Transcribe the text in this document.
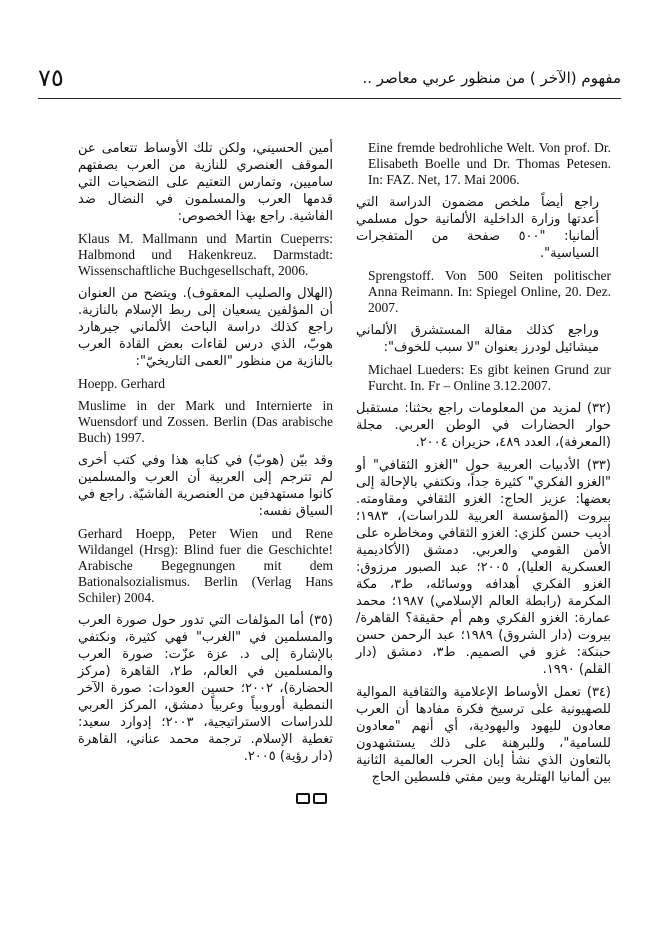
٧٥	مفهوم (الآخر ) من منظور عربي معاصر ..

Eine fremde bedrohliche Welt. Von prof. Dr. Elisabeth Boelle und Dr. Thomas Petesen. In: FAZ. Net, 17. Mai 2006.

راجع أيضاً ملخص مضمون الدراسة التي أعدتها وزارة الداخلية الألمانية حول مسلمي ألمانيا: "٥٠٠ صفحة من المتفجرات السياسية".

Sprengstoff. Von 500 Seiten politischer Anna Reimann. In: Spiegel Online, 20. Dez. 2007.

وراجع كذلك مقالة المستشرق الألماني ميشائيل لودرز بعنوان "لا سبب للخوف":

Michael Lueders: Es gibt keinen Grund zur Furcht. In. Fr – Online 3.12.2007.

(٣٢) لمزيد من المعلومات راجع بحثنا: مستقبل حوار الحضارات في الوطن العربي. مجلة (المعرفة)، العدد ٤٨٩، حزيران ٢٠٠٤.

(٣٣) الأدبيات العربية حول "الغزو الثقافي" أو "الغزو الفكري" كثيرة جداً، ونكتفي بالإحالة إلى بعضها: عزيز الحاج: الغزو الثقافي ومقاومته. بيروت (المؤسسة العربية للدراسات)، ١٩٨٣؛ أديب حسن كلزي: الغزو الثقافي ومخاطره على الأمن القومي والعربي. دمشق (الأكاديمية العسكرية العليا)، ٢٠٠٥؛ عبد الصبور مرزوق: الغزو الفكري أهدافه ووسائله، ط٣، مكة المكرمة (رابطة العالم الإسلامي) ١٩٨٧؛ محمد عمارة: الغزو الفكري وهم أم حقيقة؟ القاهرة/بيروت (دار الشروق) ١٩٨٩؛ عبد الرحمن حسن حبنكة: غزو في الصميم. ط٣، دمشق (دار القلم) ١٩٩٠.

(٣٤) تعمل الأوساط الإعلامية والثقافية الموالية للصهيونية على ترسيخ فكرة مفادها أن العرب معادون لليهود واليهودية، أي أنهم "معادون للسامية"، وللبرهنة على ذلك يستشهدون بالتعاون الذي نشأ إبان الحرب العالمية الثانية بين ألمانيا الهتلرية وبين مفتي فلسطين الحاج

أمين الحسيني، ولكن تلك الأوساط تتعامى عن الموقف العنصري للنازية من العرب بصفتهم ساميين، وتمارس التعتيم على التضحيات التي قدمها العرب والمسلمون في النضال ضد الفاشية. راجع بهذا الخصوص:

Klaus M. Mallmann und Martin Cueperrs: Halbmond und Hakenkreuz. Darmstadt: Wissenschaftliche Buchgesellschaft, 2006.

(الهلال والصليب المعقوف). ويتضح من العنوان أن المؤلفين يسعيان إلى ربط الإسلام بالنازية. راجع كذلك دراسة الباحث الألماني جيرهارد هوبّ، الذي درس لقاءات بعض القادة العرب بالنازية من منظور "العمى التاريخيّ":

Hoepp. Gerhard

Muslime in der Mark und Internierte in Wuensdorf und Zossen. Berlin (Das arabische Buch) 1997.

وقد بيّن (هوبّ) في كتابه هذا وفي كتب أخرى لم تترجم إلى العربية أن العرب والمسلمين كانوا مستهدفين من العنصرية الفاشيّة. راجع في السياق نفسه:

Gerhard Hoepp, Peter Wien und Rene Wildangel (Hrsg): Blind fuer die Geschichte! Arabische Begegnungen mit dem Bationalsozialismus. Berlin (Verlag Hans Schiler) 2004.

(٣٥) أما المؤلفات التي تدور حول صورة العرب والمسلمين في "الغرب" فهي كثيرة، ونكتفي بالإشارة إلى د. عزة عزّت: صورة العرب والمسلمين في العالم، ط٢، القاهرة (مركز الحضارة)، ٢٠٠٢؛ حسين العودات: صورة الآخر النمطية أوروبياً وعربياً دمشق، المركز العربي للدراسات الاستراتيجية، ٢٠٠٣؛ إدوارد سعيد: تغطية الإسلام. ترجمة محمد عناني، القاهرة (دار رؤية) ٢٠٠٥.
